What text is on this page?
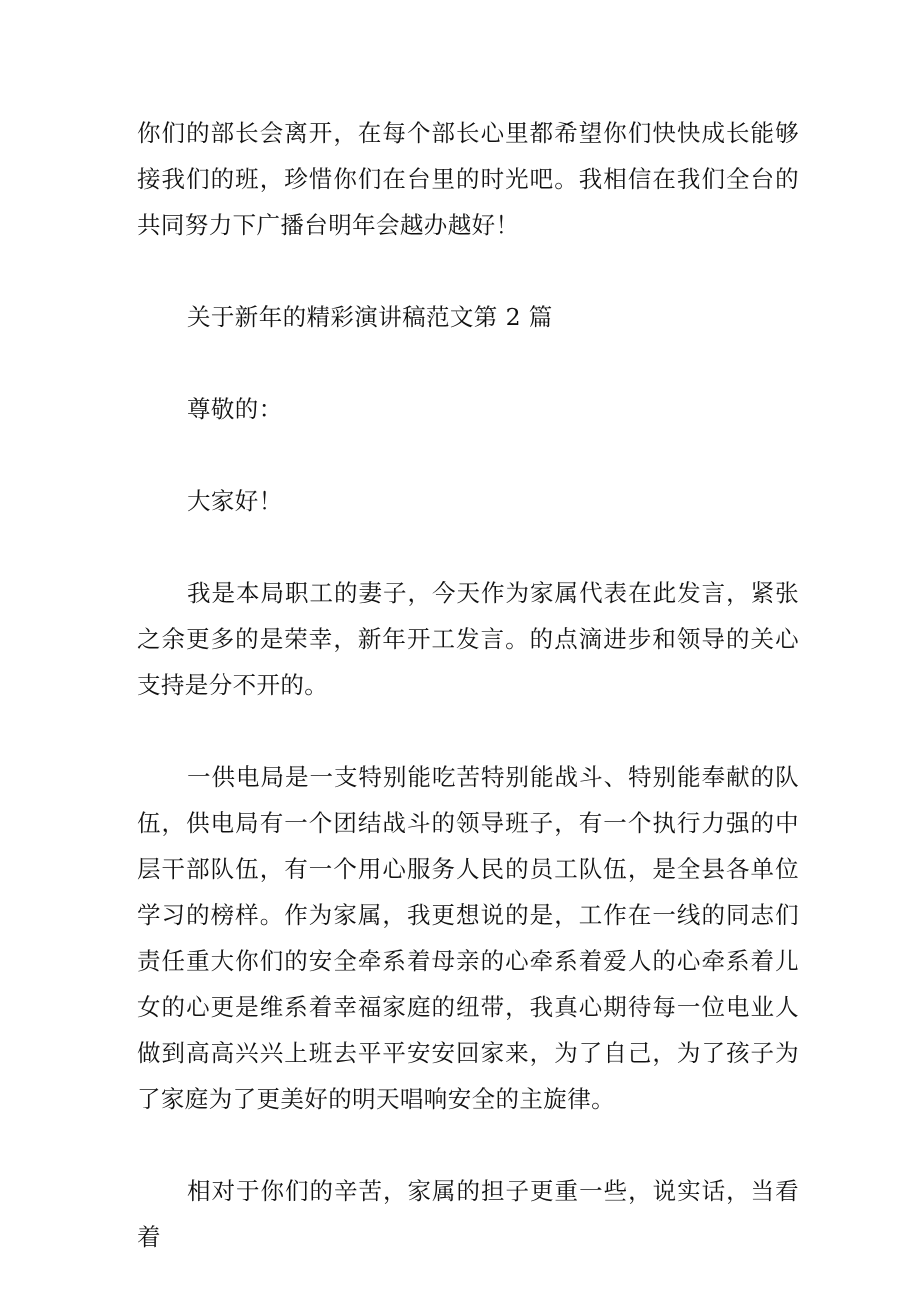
你们的部长会离开，在每个部长心里都希望你们快快成长能够接我们的班，珍惜你们在台里的时光吧。我相信在我们全台的共同努力下广播台明年会越办越好！

关于新年的精彩演讲稿范文第 2 篇

尊敬的：

大家好！

我是本局职工的妻子，今天作为家属代表在此发言，紧张之余更多的是荣幸，新年开工发言。的点滴进步和领导的关心支持是分不开的。

一供电局是一支特别能吃苦特别能战斗、特别能奉献的队伍，供电局有一个团结战斗的领导班子，有一个执行力强的中层干部队伍，有一个用心服务人民的员工队伍，是全县各单位学习的榜样。作为家属，我更想说的是，工作在一线的同志们责任重大你们的安全牵系着母亲的心牵系着爱人的心牵系着儿女的心更是维系着幸福家庭的纽带，我真心期待每一位电业人做到高高兴兴上班去平平安安回家来，为了自己，为了孩子为了家庭为了更美好的明天唱响安全的主旋律。

相对于你们的辛苦，家属的担子更重一些，说实话，当看着
